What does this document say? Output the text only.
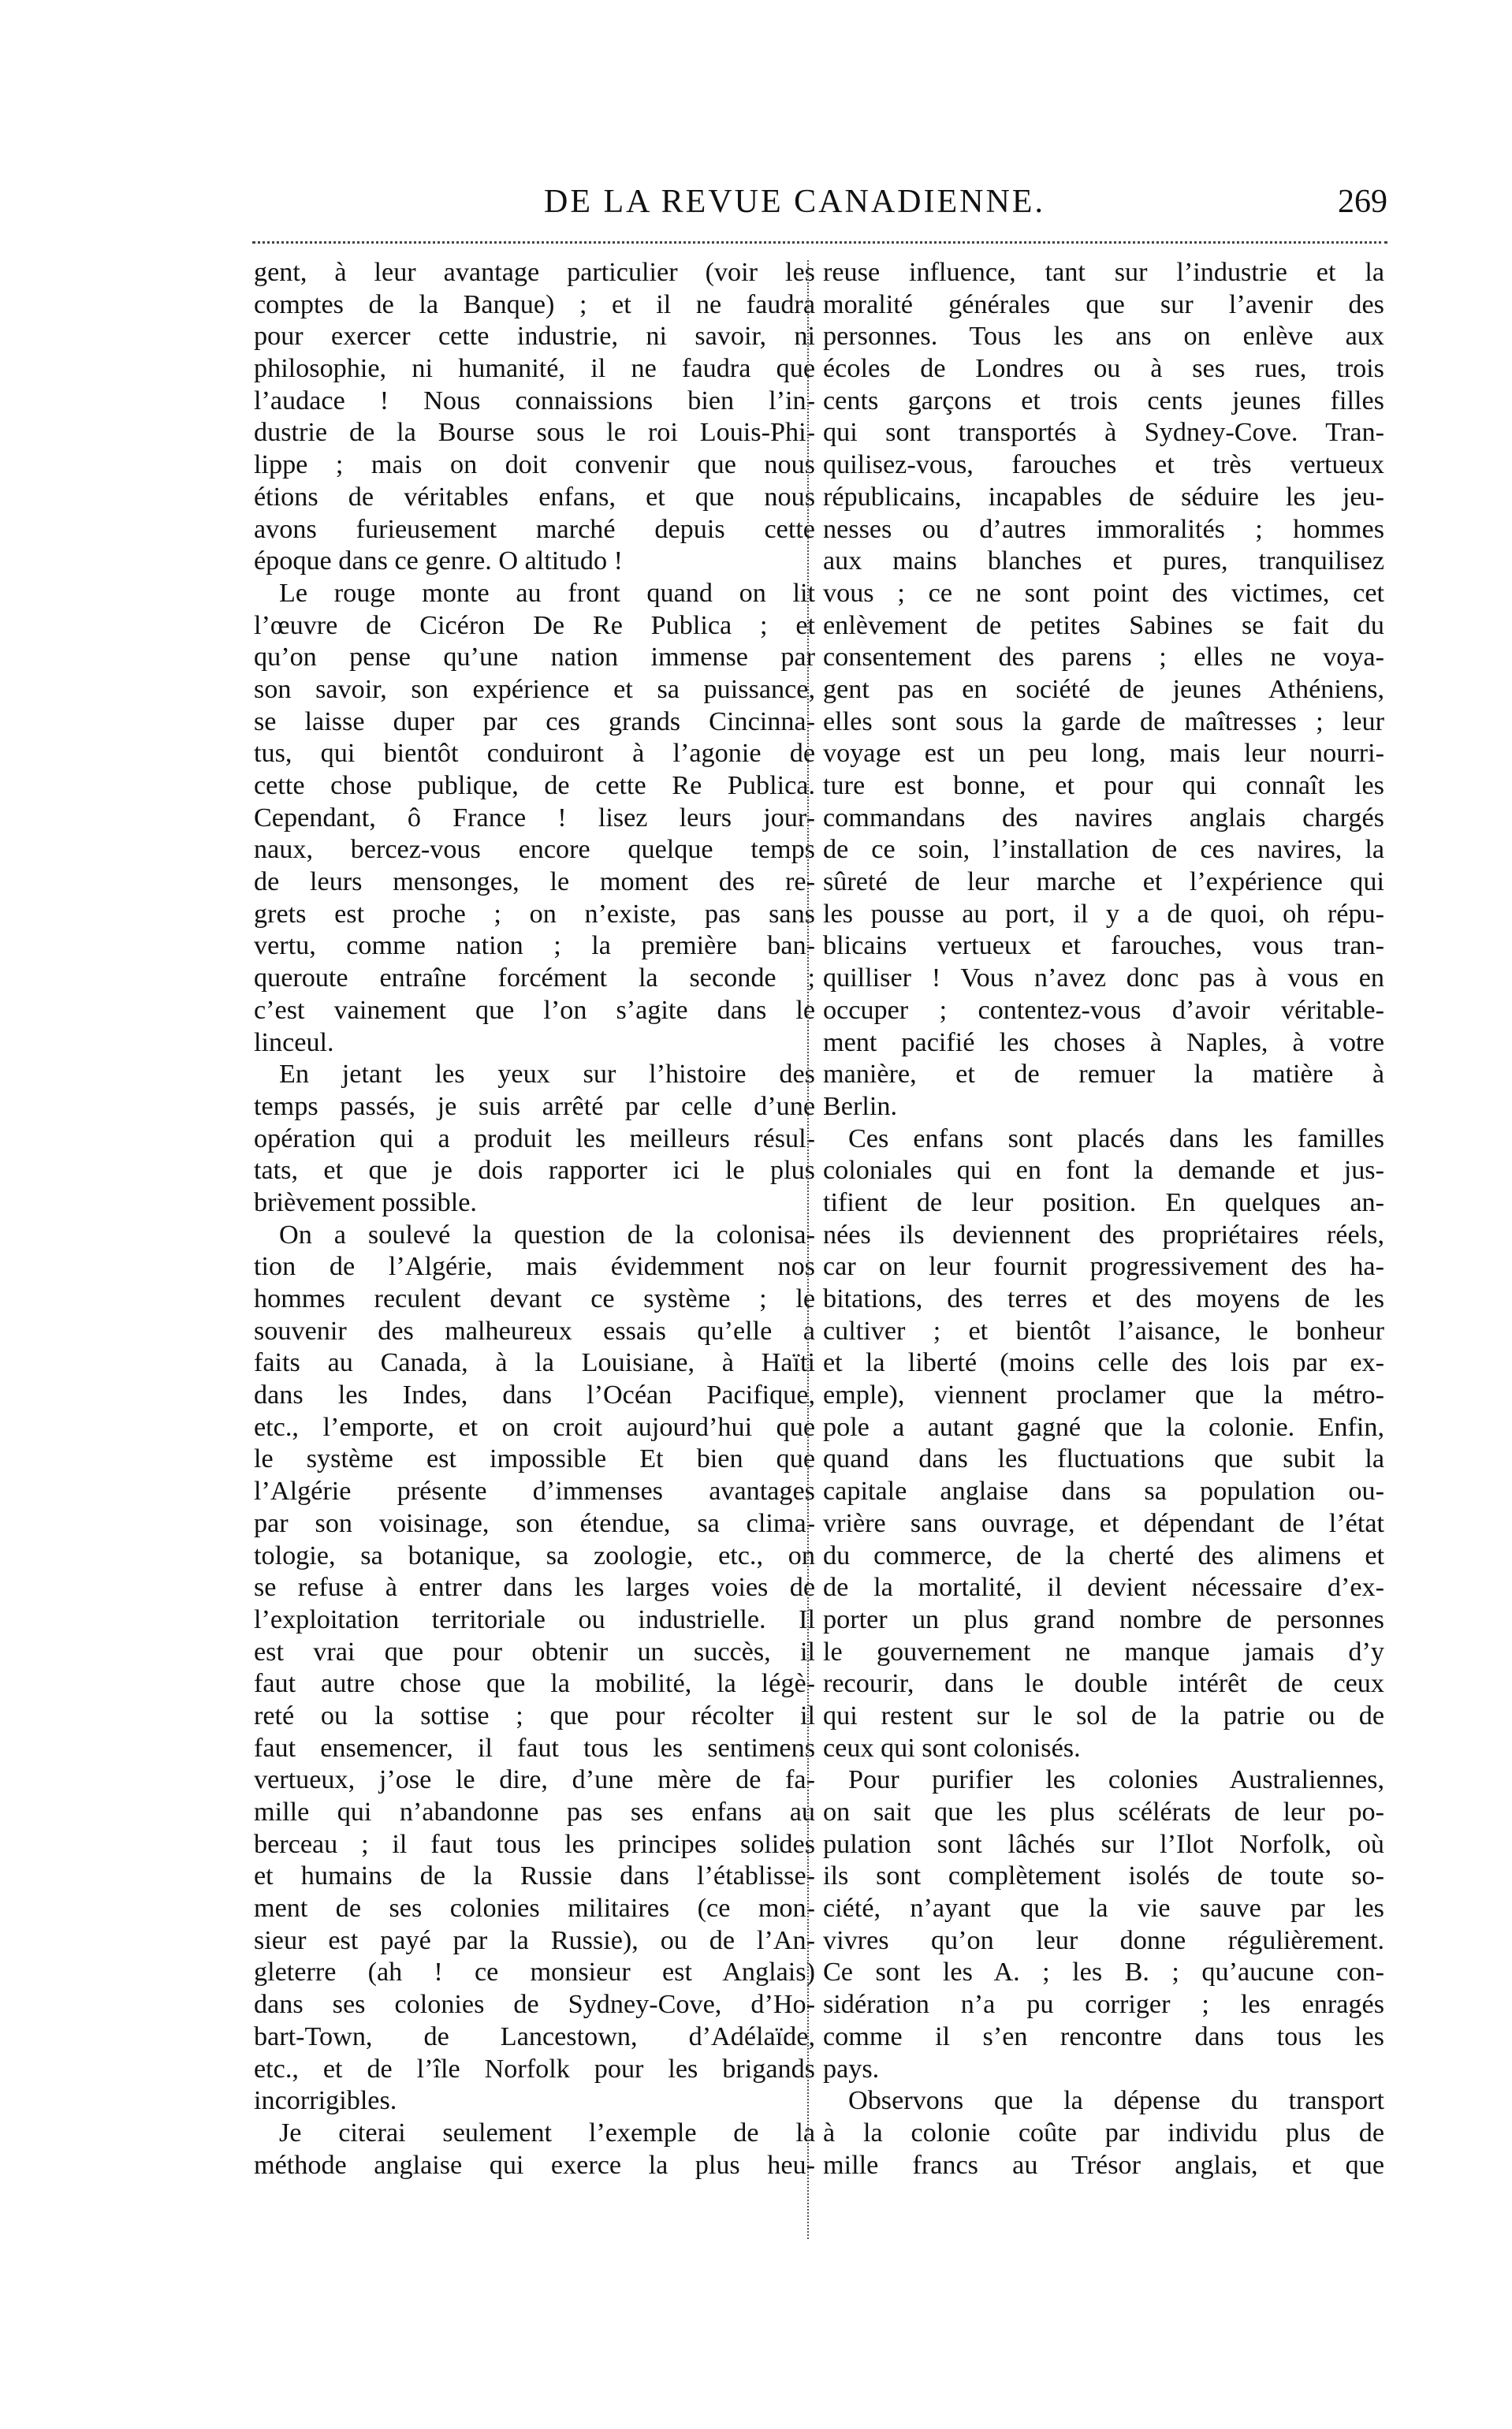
DE LA REVUE CANADIENNE.	269
gent, à leur avantage particulier (voir les
comptes de la Banque) ; et il ne faudra
pour exercer cette industrie, ni savoir, ni
philosophie, ni humanité, il ne faudra que
l’audace ! Nous connaissions bien l’in-
dustrie de la Bourse sous le roi Louis-Phi-
lippe ; mais on doit convenir que nous
étions de véritables enfans, et que nous
avons furieusement marché depuis cette
époque dans ce genre. O altitudo !
Le rouge monte au front quand on lit
l’œuvre de Cicéron De Re Publica ; et
qu’on pense qu’une nation immense par
son savoir, son expérience et sa puissance,
se laisse duper par ces grands Cincinna-
tus, qui bientôt conduiront à l’agonie de
cette chose publique, de cette Re Publica.
Cependant, ô France ! lisez leurs jour-
naux, bercez-vous encore quelque temps
de leurs mensonges, le moment des re-
grets est proche ; on n’existe, pas sans
vertu, comme nation ; la première ban-
queroute entraîne forcément la seconde ;
c’est vainement que l’on s’agite dans le
linceul.
En jetant les yeux sur l’histoire des
temps passés, je suis arrêté par celle d’une
opération qui a produit les meilleurs résul-
tats, et que je dois rapporter ici le plus
brièvement possible.
On a soulevé la question de la colonisa-
tion de l’Algérie, mais évidemment nos
hommes reculent devant ce système ; le
souvenir des malheureux essais qu’elle a
faits au Canada, à la Louisiane, à Haïti
dans les Indes, dans l’Océan Pacifique,
etc., l’emporte, et on croit aujourd’hui que
le système est impossible Et bien que
l’Algérie présente d’immenses avantages
par son voisinage, son étendue, sa clima-
tologie, sa botanique, sa zoologie, etc., on
se refuse à entrer dans les larges voies de
l’exploitation territoriale ou industrielle. Il
est vrai que pour obtenir un succès, il
faut autre chose que la mobilité, la légè-
reté ou la sottise ; que pour récolter il
faut ensemencer, il faut tous les sentimens
vertueux, j’ose le dire, d’une mère de fa-
mille qui n’abandonne pas ses enfans au
berceau ; il faut tous les principes solides
et humains de la Russie dans l’établisse-
ment de ses colonies militaires (ce mon-
sieur est payé par la Russie), ou de l’An-
gleterre (ah ! ce monsieur est Anglais)
dans ses colonies de Sydney-Cove, d’Ho-
bart-Town, de Lancestown, d’Adélaïde,
etc., et de l’île Norfolk pour les brigands
incorrigibles.
Je citerai seulement l’exemple de la
méthode anglaise qui exerce la plus heu-
reuse influence, tant sur l’industrie et la
moralité générales que sur l’avenir des
personnes. Tous les ans on enlève aux
écoles de Londres ou à ses rues, trois
cents garçons et trois cents jeunes filles
qui sont transportés à Sydney-Cove. Tran-
quilisez-vous, farouches et très vertueux
républicains, incapables de séduire les jeu-
nesses ou d’autres immoralités ; hommes
aux mains blanches et pures, tranquilisez
vous ; ce ne sont point des victimes, cet
enlèvement de petites Sabines se fait du
consentement des parens ; elles ne voya-
gent pas en société de jeunes Athéniens,
elles sont sous la garde de maîtresses ; leur
voyage est un peu long, mais leur nourri-
ture est bonne, et pour qui connaît les
commandans des navires anglais chargés
de ce soin, l’installation de ces navires, la
sûreté de leur marche et l’expérience qui
les pousse au port, il y a de quoi, oh répu-
blicains vertueux et farouches, vous tran-
quilliser ! Vous n’avez donc pas à vous en
occuper ; contentez-vous d’avoir véritable-
ment pacifié les choses à Naples, à votre
manière, et de remuer la matière à
Berlin.
Ces enfans sont placés dans les familles
coloniales qui en font la demande et jus-
tifient de leur position. En quelques an-
nées ils deviennent des propriétaires réels,
car on leur fournit progressivement des ha-
bitations, des terres et des moyens de les
cultiver ; et bientôt l’aisance, le bonheur
et la liberté (moins celle des lois par ex-
emple), viennent proclamer que la métro-
pole a autant gagné que la colonie. Enfin,
quand dans les fluctuations que subit la
capitale anglaise dans sa population ou-
vrière sans ouvrage, et dépendant de l’état
du commerce, de la cherté des alimens et
de la mortalité, il devient nécessaire d’ex-
porter un plus grand nombre de personnes
le gouvernement ne manque jamais d’y
recourir, dans le double intérêt de ceux
qui restent sur le sol de la patrie ou de
ceux qui sont colonisés.
Pour purifier les colonies Australiennes,
on sait que les plus scélérats de leur po-
pulation sont lâchés sur l’Ilot Norfolk, où
ils sont complètement isolés de toute so-
ciété, n’ayant que la vie sauve par les
vivres qu’on leur donne régulièrement.
Ce sont les A. ; les B. ; qu’aucune con-
sidération n’a pu corriger ; les enragés
comme il s’en rencontre dans tous les
pays.
Observons que la dépense du transport
à la colonie coûte par individu plus de
mille francs au Trésor anglais, et que
